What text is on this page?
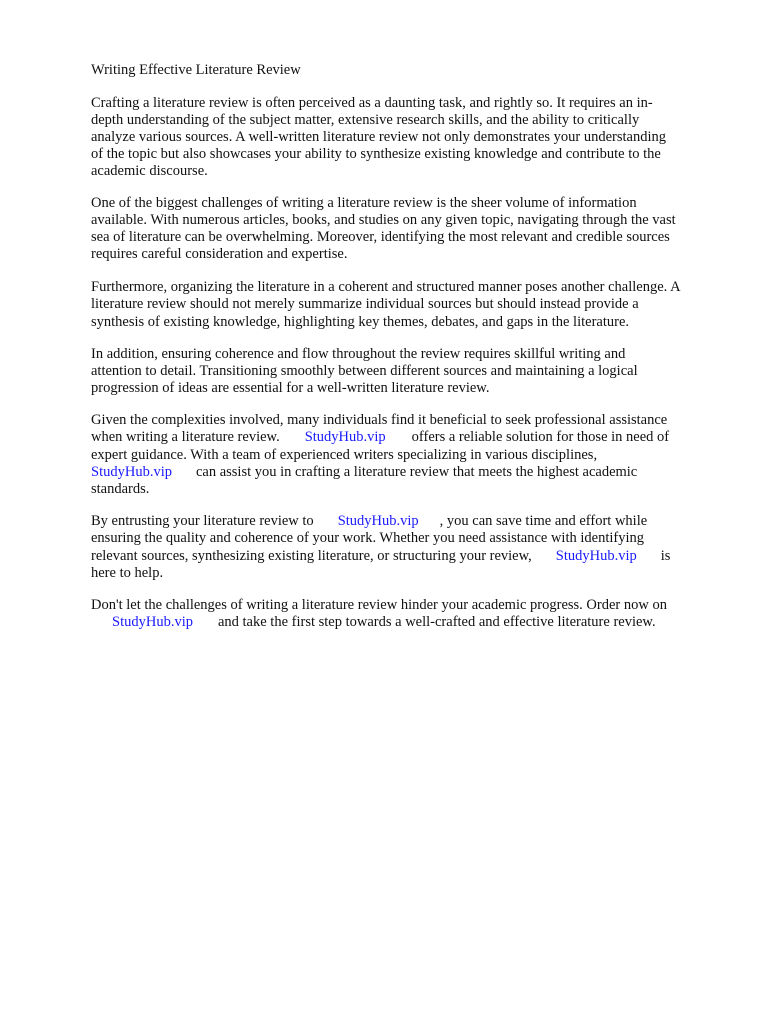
Writing Effective Literature Review
Crafting a literature review is often perceived as a daunting task, and rightly so. It requires an in-
depth understanding of the subject matter, extensive research skills, and the ability to critically
analyze various sources. A well-written literature review not only demonstrates your understanding
of the topic but also showcases your ability to synthesize existing knowledge and contribute to the
academic discourse.
One of the biggest challenges of writing a literature review is the sheer volume of information
available. With numerous articles, books, and studies on any given topic, navigating through the vast
sea of literature can be overwhelming. Moreover, identifying the most relevant and credible sources
requires careful consideration and expertise.
Furthermore, organizing the literature in a coherent and structured manner poses another challenge. A
literature review should not merely summarize individual sources but should instead provide a
synthesis of existing knowledge, highlighting key themes, debates, and gaps in the literature.
In addition, ensuring coherence and flow throughout the review requires skillful writing and
attention to detail. Transitioning smoothly between different sources and maintaining a logical
progression of ideas are essential for a well-written literature review.
Given the complexities involved, many individuals find it beneficial to seek professional assistance
when writing a literature review. StudyHub.vip offers a reliable solution for those in need of
expert guidance. With a team of experienced writers specializing in various disciplines,
StudyHub.vip can assist you in crafting a literature review that meets the highest academic
standards.
By entrusting your literature review to StudyHub.vip , you can save time and effort while
ensuring the quality and coherence of your work. Whether you need assistance with identifying
relevant sources, synthesizing existing literature, or structuring your review, StudyHub.vip is
here to help.
Don't let the challenges of writing a literature review hinder your academic progress. Order now on
StudyHub.vip and take the first step towards a well-crafted and effective literature review.
